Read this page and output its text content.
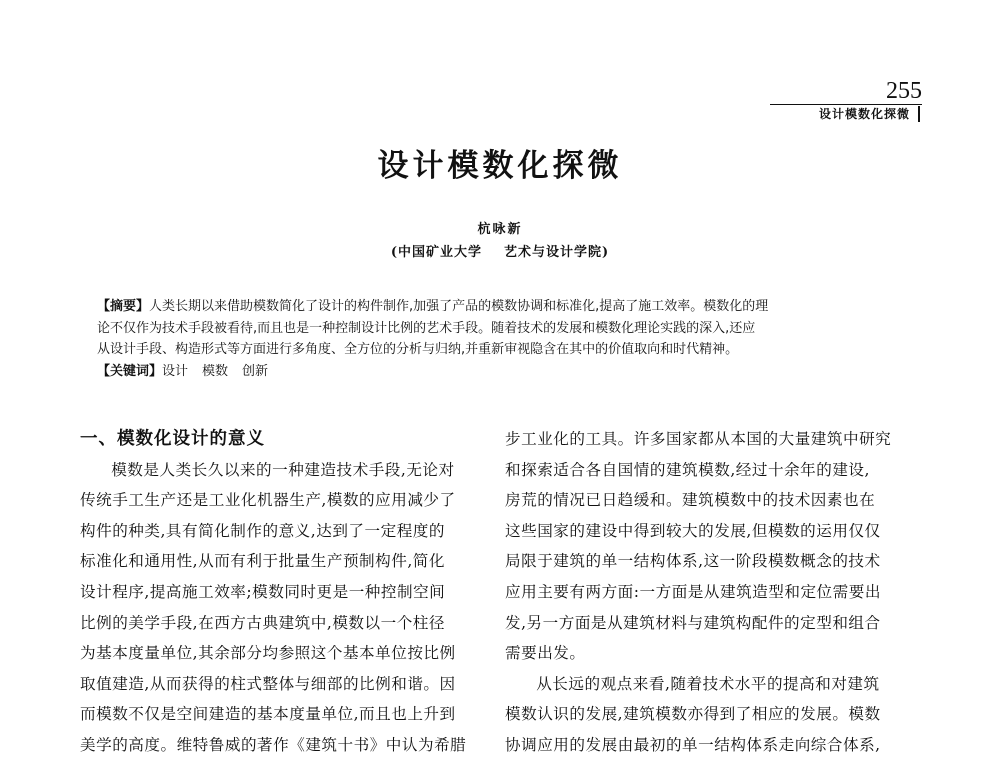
255
设计模数化探微
设计模数化探微
杭咏新
(中国矿业大学 艺术与设计学院)

【摘要】人类长期以来借助模数简化了设计的构件制作,加强了产品的模数协调和标准化,提高了施工效率。模数化的理

论不仅作为技术手段被看待,而且也是一种控制设计比例的艺术手段。随着技术的发展和模数化理论实践的深入,还应

从设计手段、构造形式等方面进行多角度、全方位的分析与归纳,并重新审视隐含在其中的价值取向和时代精神。

【关键词】设计 模数 创新

一、模数化设计的意义

模数是人类长久以来的一种建造技术手段,无论对
传统手工生产还是工业化机器生产,模数的应用减少了
构件的种类,具有简化制作的意义,达到了一定程度的
标准化和通用性,从而有利于批量生产预制构件,简化
设计程序,提高施工效率;模数同时更是一种控制空间
比例的美学手段,在西方古典建筑中,模数以一个柱径
为基本度量单位,其余部分均参照这个基本单位按比例
取值建造,从而获得的柱式整体与细部的比例和谐。因
而模数不仅是空间建造的基本度量单位,而且也上升到
美学的高度。维特鲁威的著作《建筑十书》中认为希腊

步工业化的工具。许多国家都从本国的大量建筑中研究
和探索适合各自国情的建筑模数,经过十余年的建设,
房荒的情况已日趋缓和。建筑模数中的技术因素也在
这些国家的建设中得到较大的发展,但模数的运用仅仅
局限于建筑的单一结构体系,这一阶段模数概念的技术
应用主要有两方面:一方面是从建筑造型和定位需要出
发,另一方面是从建筑材料与建筑构配件的定型和组合
需要出发。

从长远的观点来看,随着技术水平的提高和对建筑
模数认识的发展,建筑模数亦得到了相应的发展。模数
协调应用的发展由最初的单一结构体系走向综合体系,
